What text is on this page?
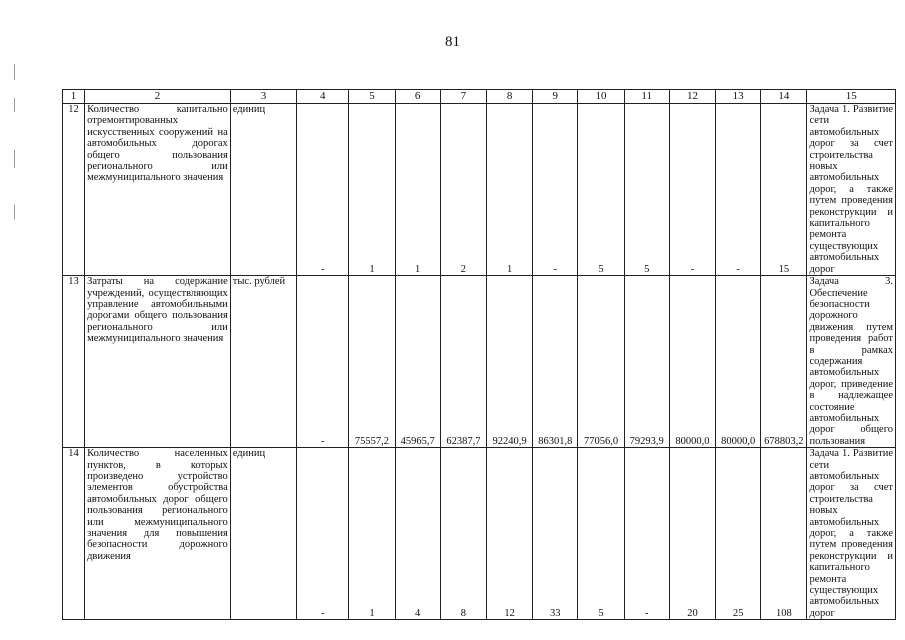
81
1	2	3	4	5	6	7	8	9	10	11	12	13	14	15
12	Количество капитально отремонтированных искусственных сооружений на автомобильных дорогах общего пользования регионального или межмуниципального значения	единиц	-	1	1	2	1	-	5	5	-	-	15	Задача 1. Развитие сети автомобильных дорог за счет строительства новых автомобильных дорог, а также путем проведения реконструкции и капитального ремонта существующих автомобильных дорог
13	Затраты на содержание учреждений, осуществляющих управление автомобильными дорогами общего пользования регионального или межмуниципального значения	тыс. рублей	-	75557,2	45965,7	62387,7	92240,9	86301,8	77056,0	79293,9	80000,0	80000,0	678803,2	Задача 3. Обеспечение безопасности дорожного движения путем проведения работ в рамках содержания автомобильных дорог, приведение в надлежащее состояние автомобильных дорог общего пользования
14	Количество населенных пунктов, в которых произведено устройство элементов обустройства автомобильных дорог общего пользования регионального или межмуниципального значения для повышения безопасности дорожного движения	единиц	-	1	4	8	12	33	5	-	20	25	108	Задача 1. Развитие сети автомобильных дорог за счет строительства новых автомобильных дорог, а также путем проведения реконструкции и капитального ремонта существующих автомобильных дорог
